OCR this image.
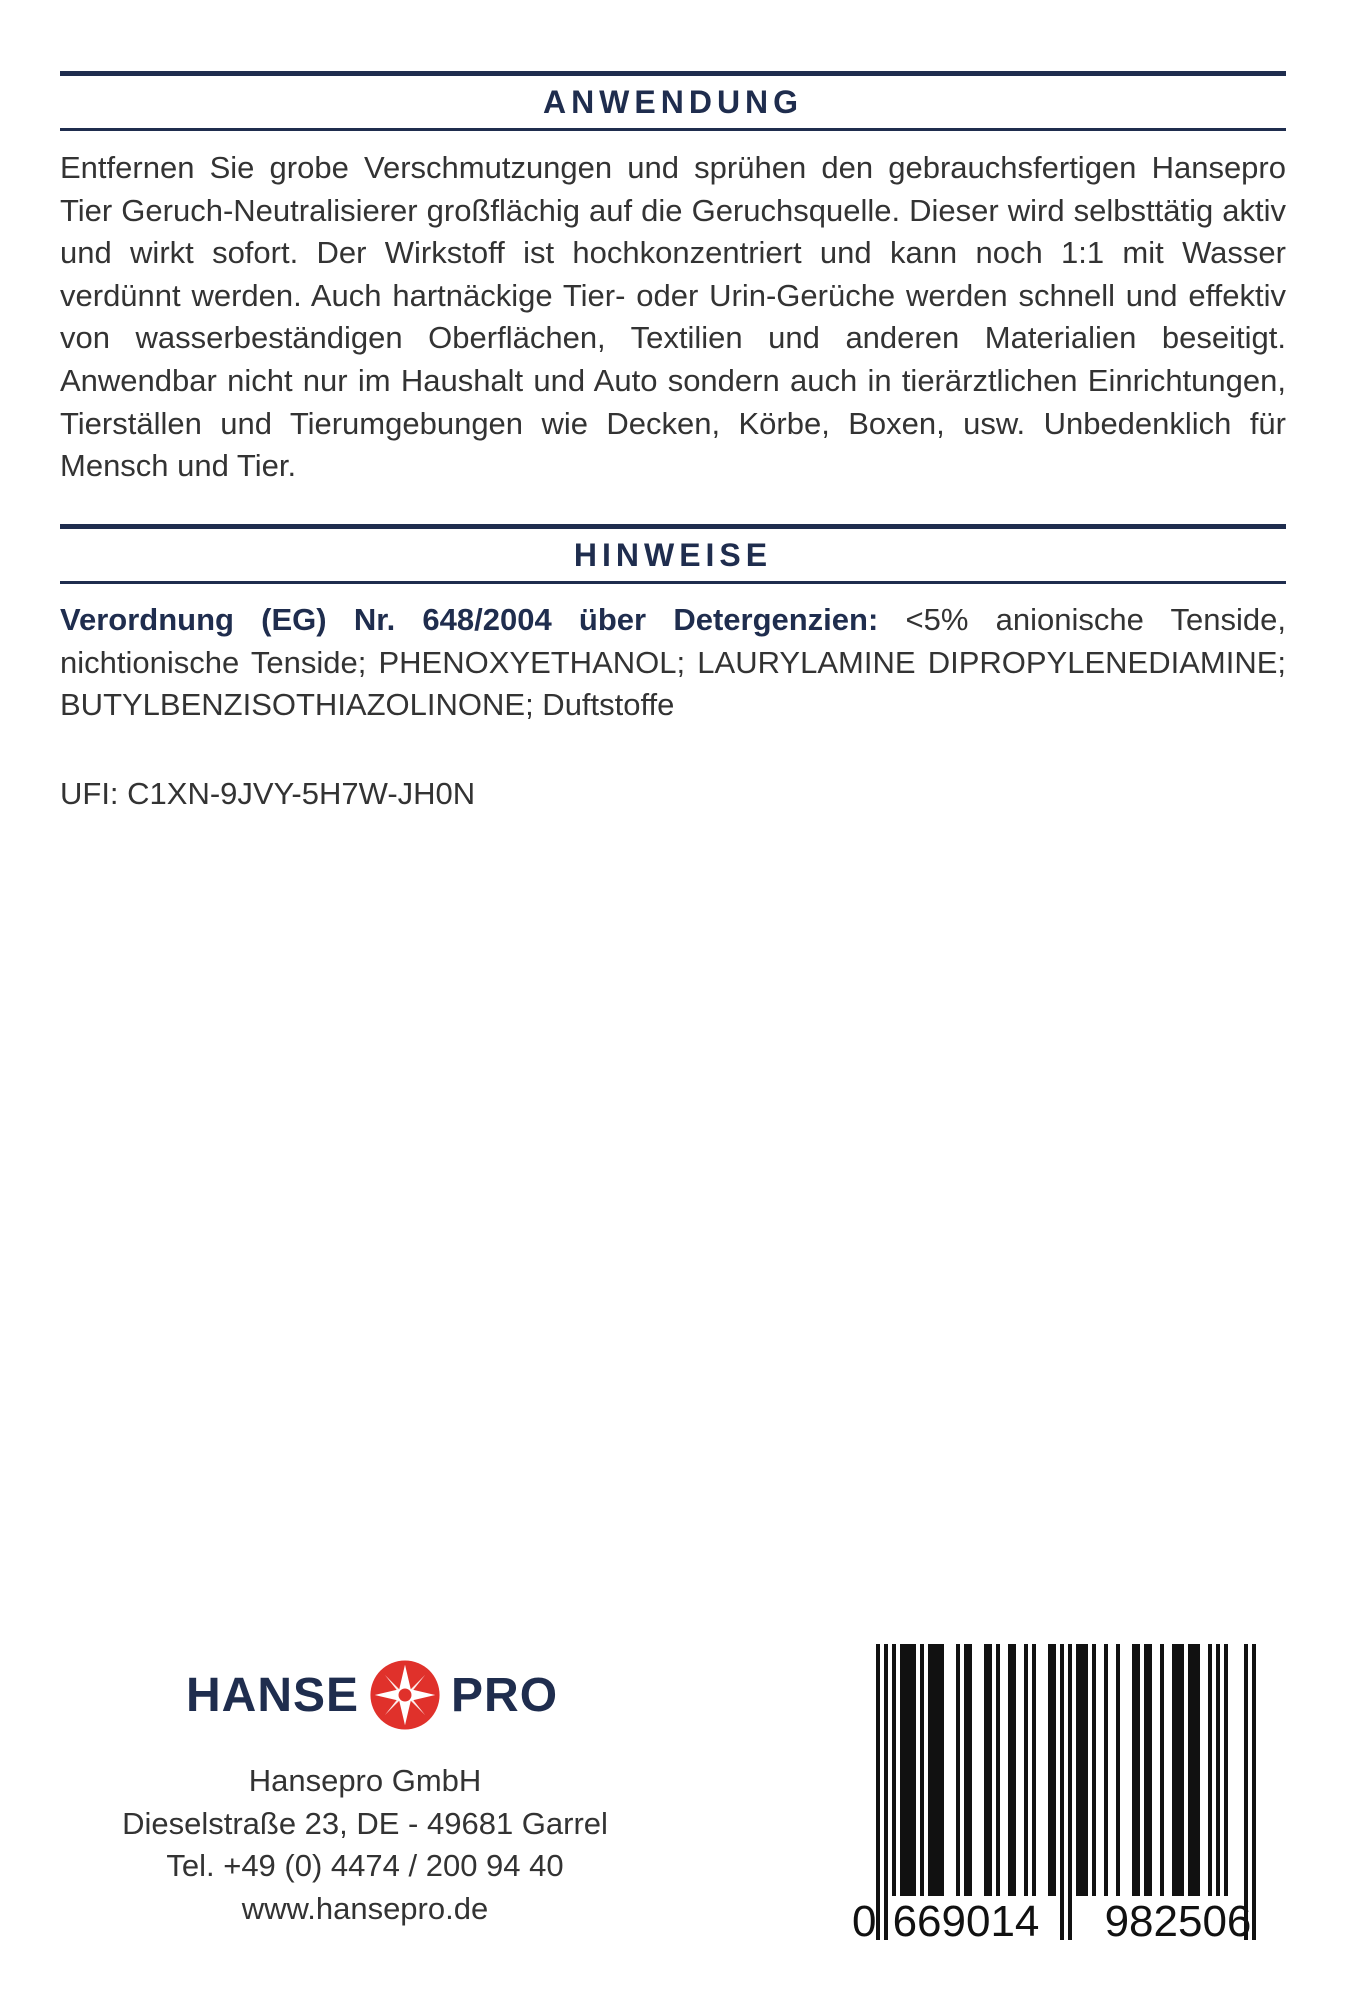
ANWENDUNG

Entfernen Sie grobe Verschmutzungen und sprühen den gebrauchsfertigen Hansepro Tier Geruch-Neutralisierer großflächig auf die Geruchsquelle. Dieser wird selbsttätig aktiv und wirkt sofort. Der Wirkstoff ist hochkonzentriert und kann noch 1:1 mit Wasser verdünnt werden. Auch hartnäckige Tier- oder Urin-Gerüche werden schnell und effektiv von wasserbeständigen Oberflächen, Textilien und anderen Materialien beseitigt. Anwendbar nicht nur im Haushalt und Auto sondern auch in tierärztlichen Einrichtungen, Tierställen und Tierumgebungen wie Decken, Körbe, Boxen, usw. Unbedenklich für Mensch und Tier.

HINWEISE

Verordnung (EG) Nr. 648/2004 über Detergenzien: <5% anionische Tenside, nichtionische Tenside; PHENOXYETHANOL; LAURYLAMINE DIPROPYLENEDIAMINE; BUTYLBENZISOTHIAZOLINONE; Duftstoffe

UFI: C1XN-9JVY-5H7W-JH0N
HANSE PRO
Hansepro GmbH
Dieselstraße 23, DE - 49681 Garrel
Tel. +49 (0) 4474 / 200 94 40
www.hansepro.de	0 669014 982506
